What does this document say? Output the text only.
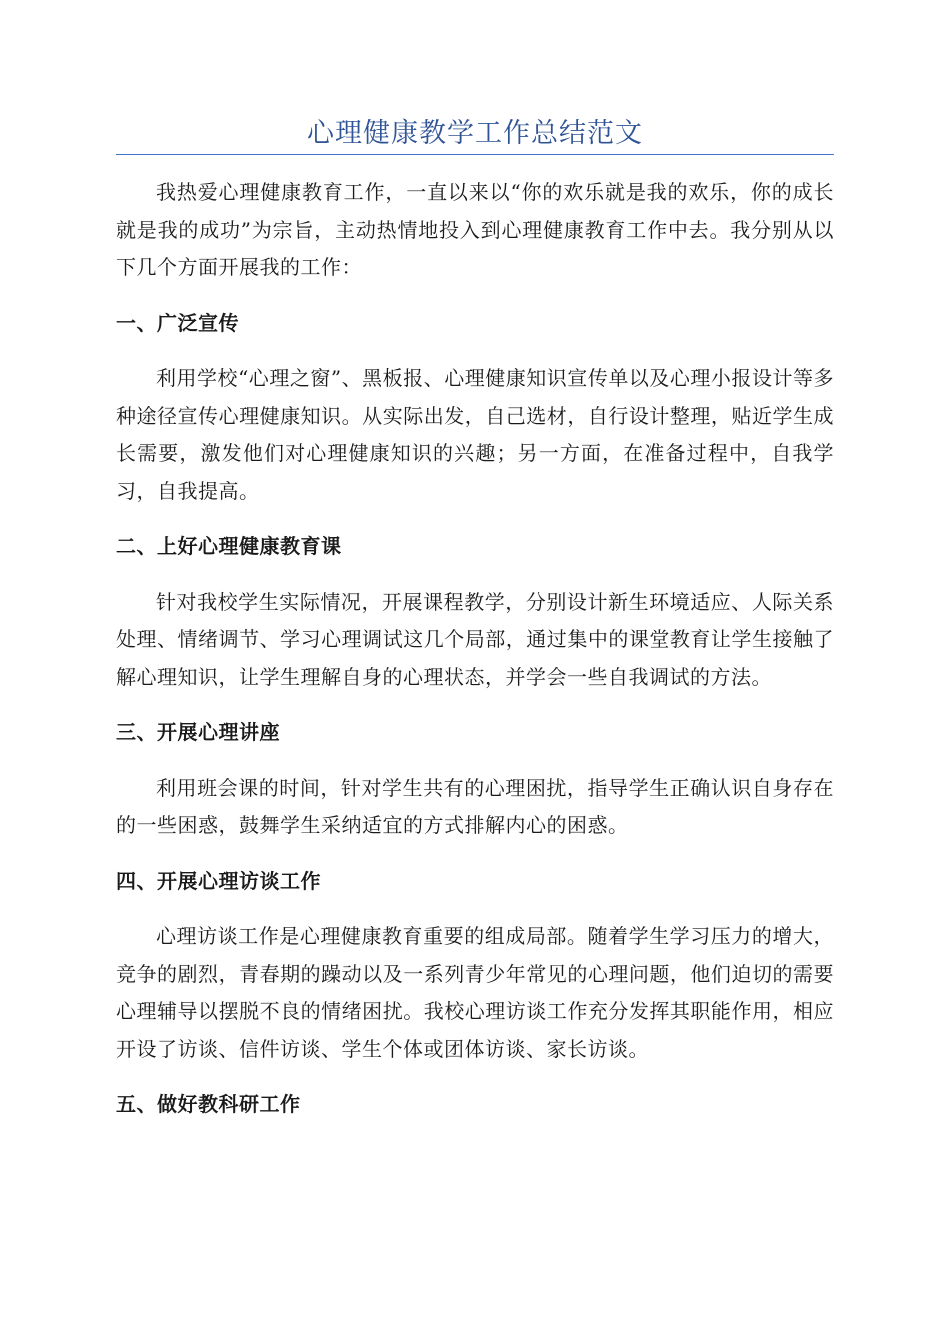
心理健康教学工作总结范文

我热爱心理健康教育工作，一直以来以“你的欢乐就是我的欢乐，你的成长就是我的成功”为宗旨，主动热情地投入到心理健康教育工作中去。我分别从以下几个方面开展我的工作：

一、广泛宣传

利用学校“心理之窗”、黑板报、心理健康知识宣传单以及心理小报设计等多种途径宣传心理健康知识。从实际出发，自己选材，自行设计整理，贴近学生成长需要，激发他们对心理健康知识的兴趣；另一方面，在准备过程中，自我学习，自我提高。

二、上好心理健康教育课

针对我校学生实际情况，开展课程教学，分别设计新生环境适应、人际关系处理、情绪调节、学习心理调试这几个局部，通过集中的课堂教育让学生接触了解心理知识，让学生理解自身的心理状态，并学会一些自我调试的方法。

三、开展心理讲座

利用班会课的时间，针对学生共有的心理困扰，指导学生正确认识自身存在的一些困惑，鼓舞学生采纳适宜的方式排解内心的困惑。

四、开展心理访谈工作

心理访谈工作是心理健康教育重要的组成局部。随着学生学习压力的增大，竞争的剧烈，青春期的躁动以及一系列青少年常见的心理问题，他们迫切的需要心理辅导以摆脱不良的情绪困扰。我校心理访谈工作充分发挥其职能作用，相应开设了访谈、信件访谈、学生个体或团体访谈、家长访谈。

五、做好教科研工作
